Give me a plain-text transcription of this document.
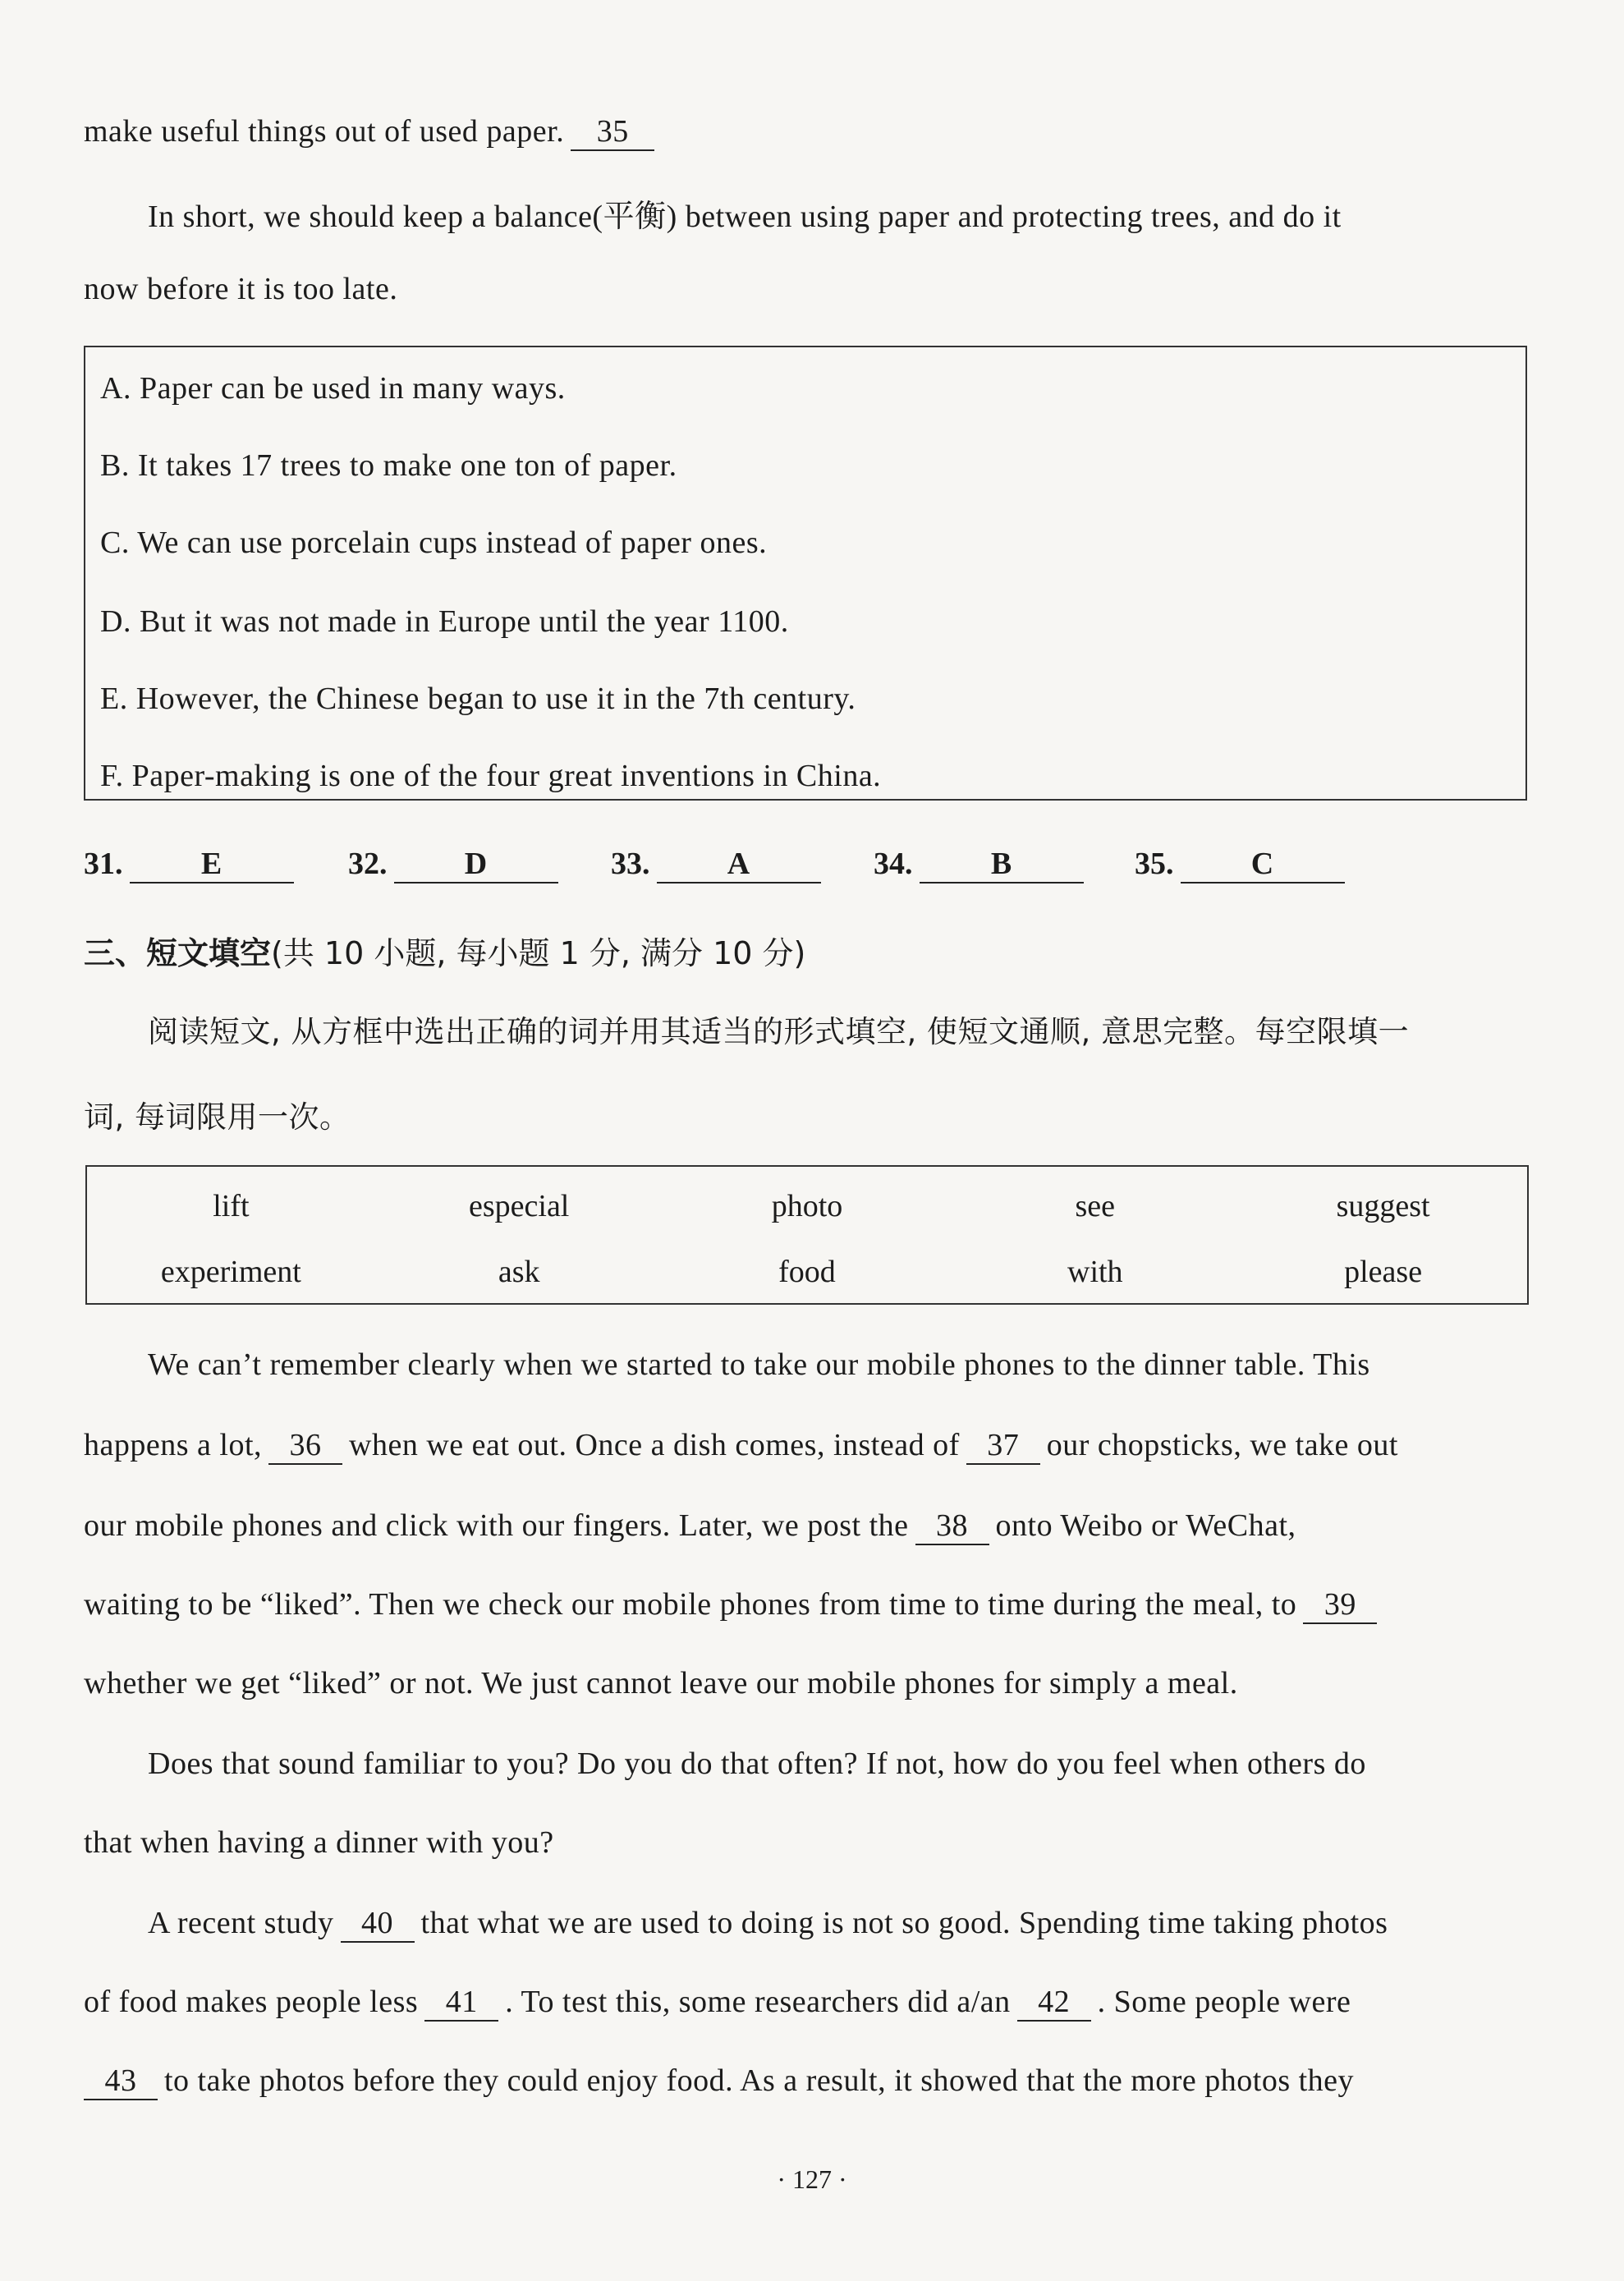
make useful things out of used paper. 35
In short, we should keep a balance(平衡) between using paper and protecting trees, and do it
now before it is too late.
A. Paper can be used in many ways.
B. It takes 17 trees to make one ton of paper.
C. We can use porcelain cups instead of paper ones.
D. But it was not made in Europe until the year 1100.
E. However, the Chinese began to use it in the 7th century.
F. Paper-making is one of the four great inventions in China.
31.	E	32. D	33. A	34.	B	35. C
三、短文填空(共 10 小题, 每小题 1 分, 满分 10 分)
阅读短文, 从方框中选出正确的词并用其适当的形式填空, 使短文通顺, 意思完整。每空限填一
词, 每词限用一次。
lift	especial	photo	see	suggest
experiment	ask	food	with	please
We can’t remember clearly when we started to take our mobile phones to the dinner table. This
happens a lot, 36 when we eat out. Once a dish comes, instead of 37 our chopsticks, we take out
our mobile phones and click with our fingers. Later, we post the 38 onto Weibo or WeChat,
waiting to be “liked”. Then we check our mobile phones from time to time during the meal, to 39
whether we get “liked” or not. We just cannot leave our mobile phones for simply a meal.
Does that sound familiar to you? Do you do that often? If not, how do you feel when others do
that when having a dinner with you?
A recent study 40 that what we are used to doing is not so good. Spending time taking photos
of food makes people less 41 . To test this, some researchers did a/an 42 . Some people were
43 to take photos before they could enjoy food. As a result, it showed that the more photos they
· 127 ·
